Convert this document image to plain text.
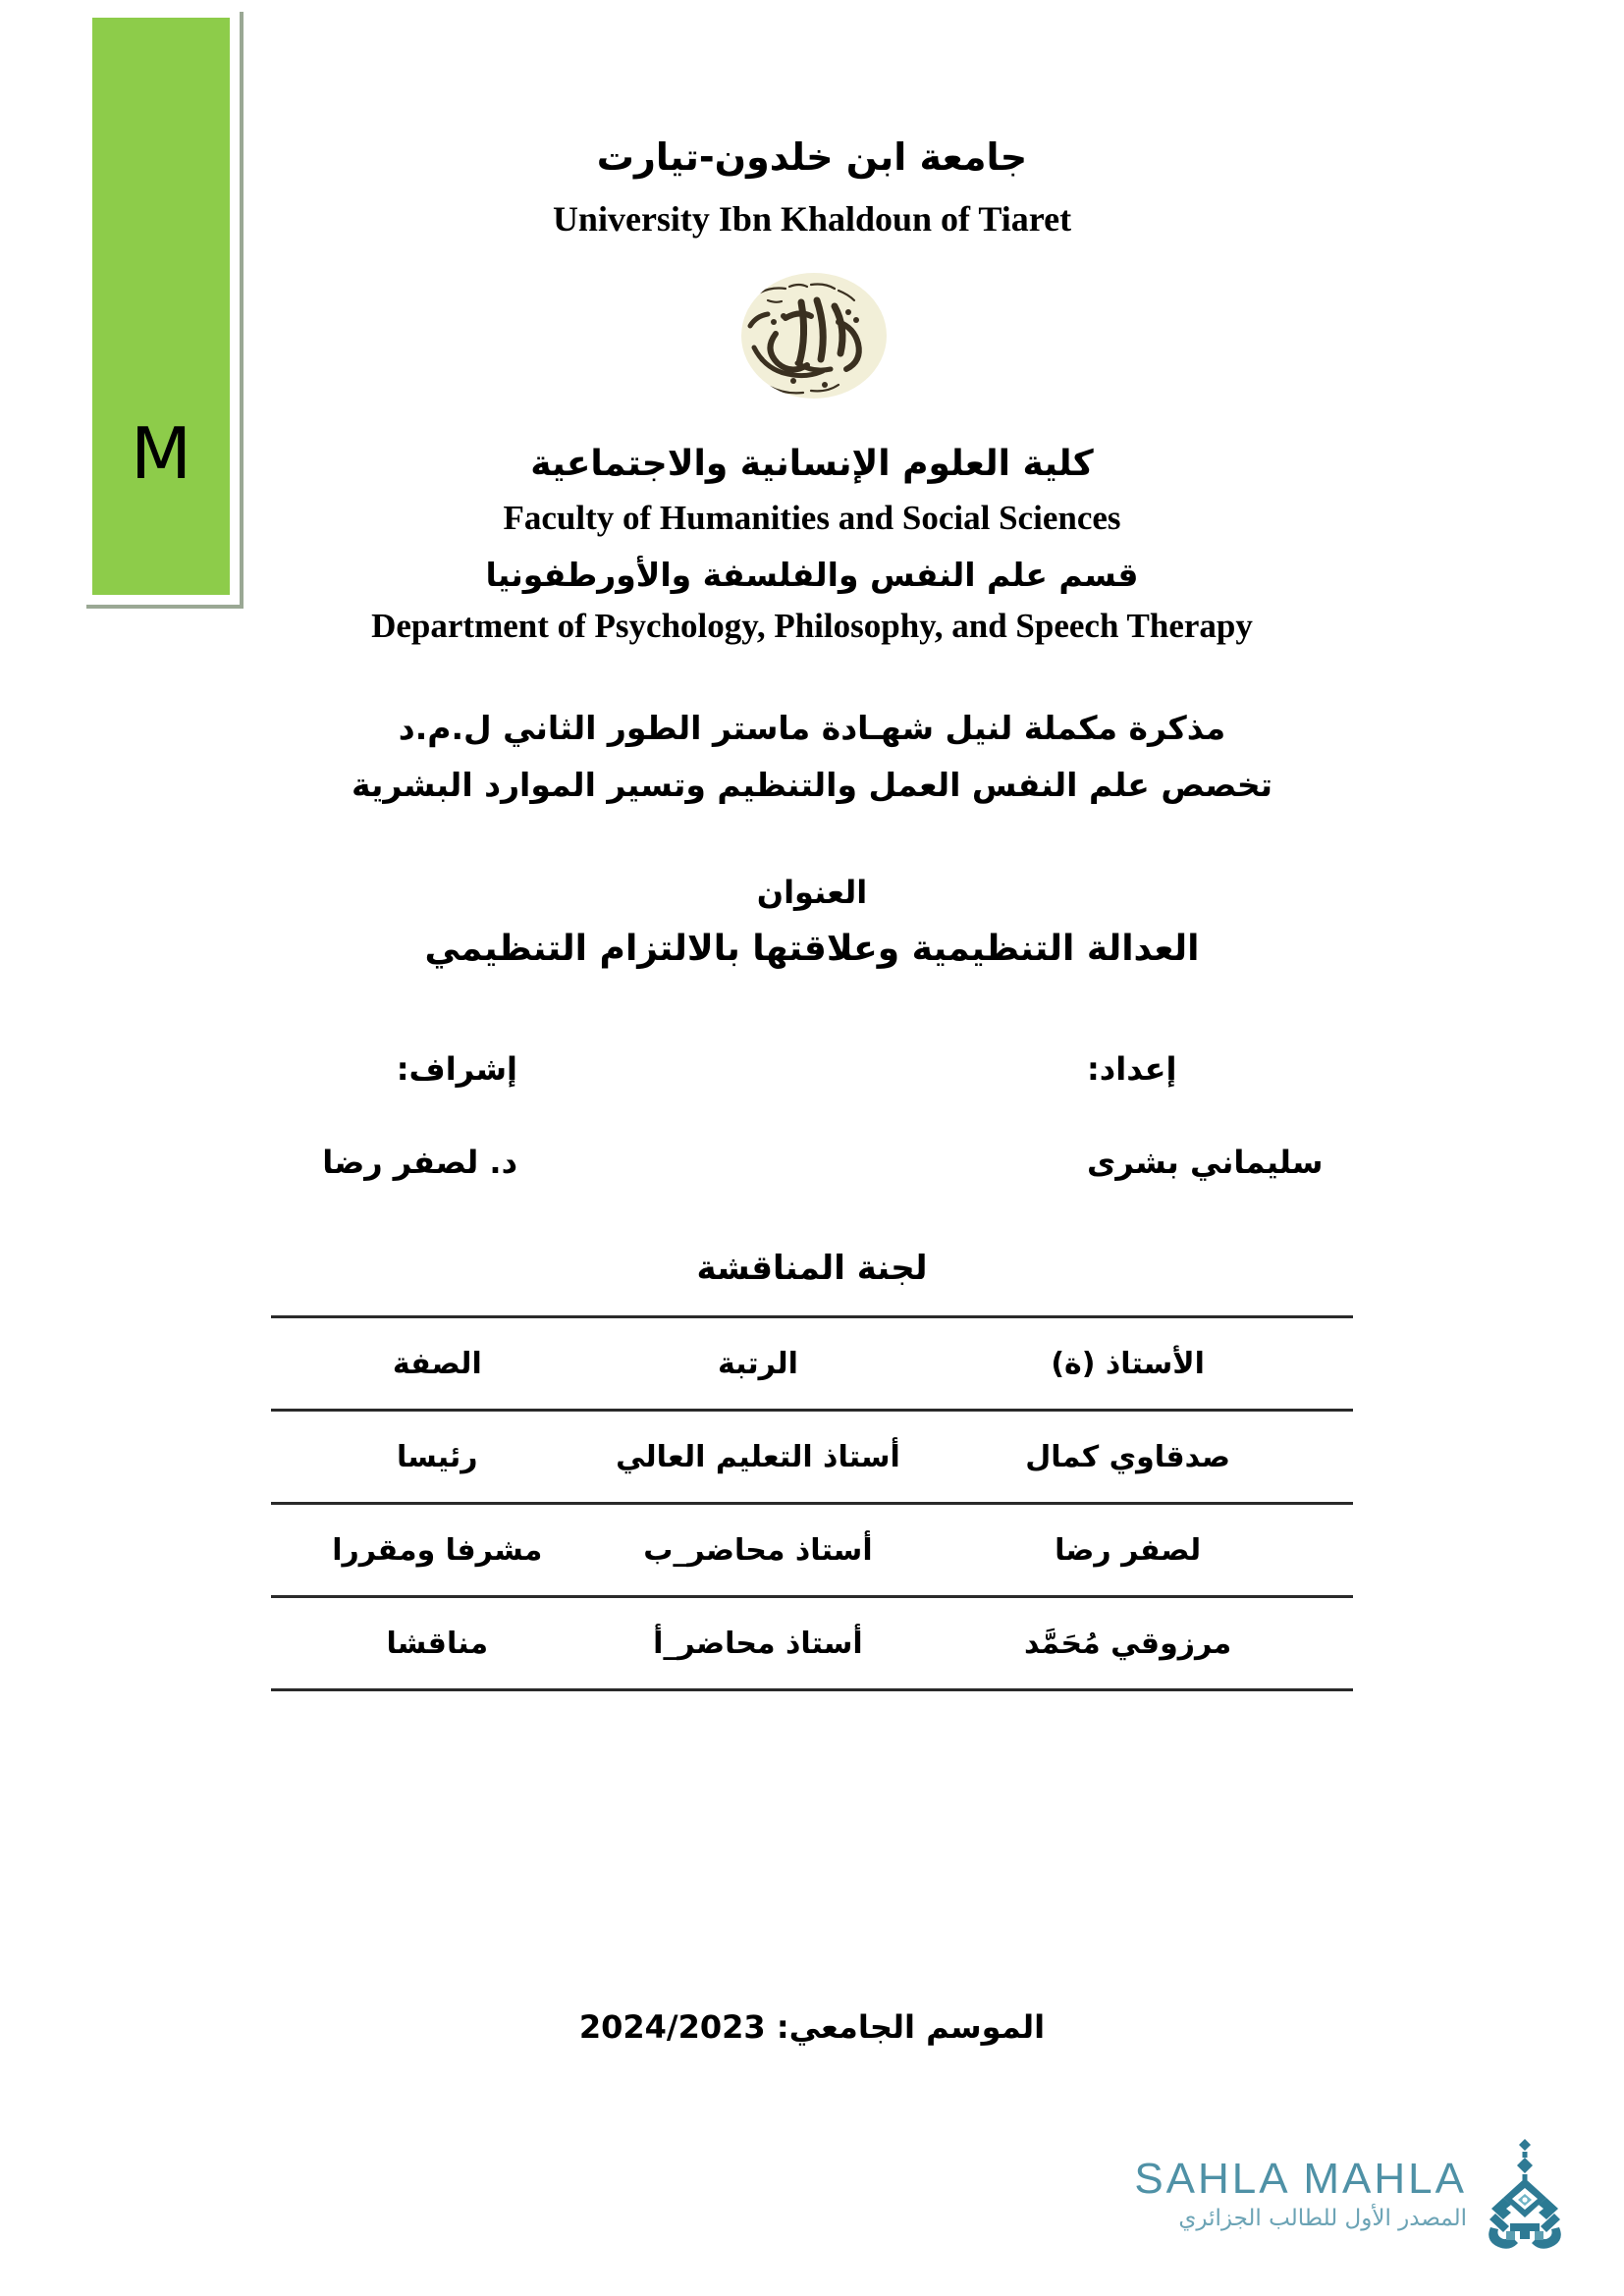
M
جامعة ابن خلدون-تيارت
University Ibn Khaldoun of Tiaret
كلية العلوم الإنسانية والاجتماعية
Faculty of Humanities and Social Sciences
قسم علم النفس والفلسفة والأورطفونيا
Department of Psychology, Philosophy, and Speech Therapy
مذكرة مكملة لنيل شهـادة ماستر الطور الثاني ل.م.د
تخصص علم النفس العمل والتنظيم وتسير الموارد البشرية
العنوان
العدالة التنظيمية وعلاقتها بالالتزام التنظيمي
إعداد:
إشراف:
سليماني بشرى
د. لصفر رضا
لجنة المناقشة
الأستاذ (ة)	الرتبة	الصفة
صدقاوي كمال	أستاذ التعليم العالي	رئيسا
لصفر رضا	أستاذ محاضر_ب	مشرفا ومقررا
مرزوقي مُحَمَّد	أستاذ محاضر_أ	مناقشا
الموسم الجامعي: 2024/2023
SAHLA MAHLA
المصدر الأول للطالب الجزائري
